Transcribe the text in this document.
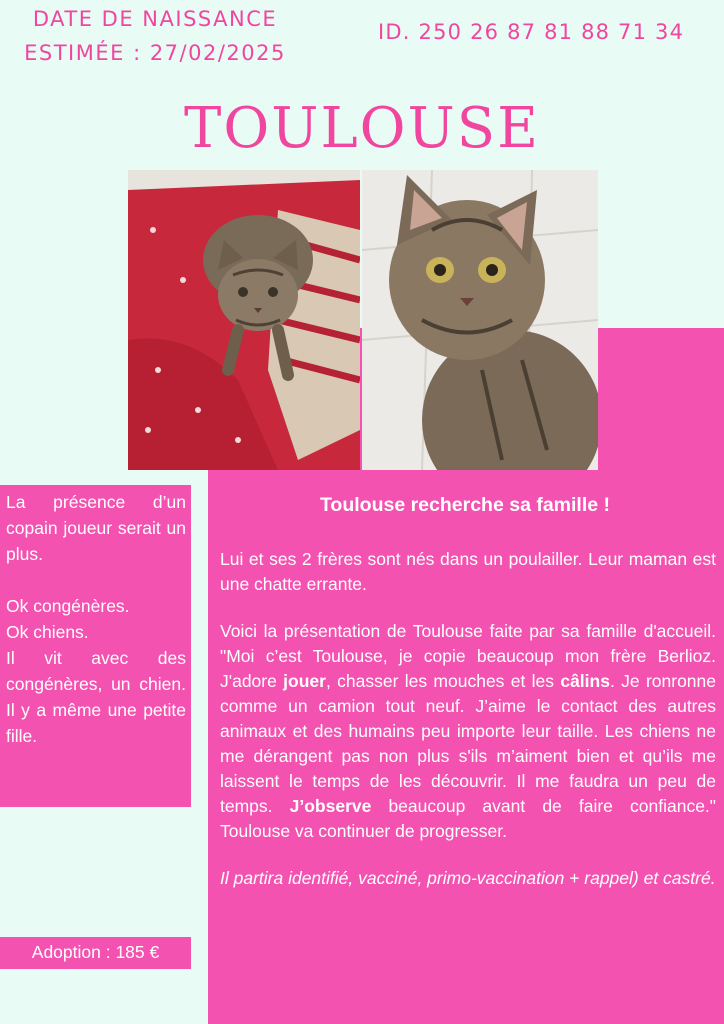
DATE DE NAISSANCE
ESTIMÉE : 27/02/2025
ID. 250 26 87 81 88 71 34
TOULOUSE

La présence d’un copain joueur serait un plus.

Ok congénères.

Ok chiens.

Il vit avec des congénères, un chien. Il y a même une petite fille.

Adoption : 185 €
Toulouse recherche sa famille !

Lui et ses 2 frères sont nés dans un poulailler. Leur maman est une chatte errante.

Voici la présentation de Toulouse faite par sa famille d'accueil. "Moi c’est Toulouse, je copie beaucoup mon frère Berlioz. J'adore jouer, chasser les mouches et les câlins. Je ronronne comme un camion tout neuf. J’aime le contact des autres animaux et des humains peu importe leur taille. Les chiens ne me dérangent pas non plus s'ils m’aiment bien et qu’ils me laissent le temps de les découvrir. Il me faudra un peu de temps. J’observe beaucoup avant de faire confiance." Toulouse va continuer de progresser.

Il partira identifié, vacciné, primo-vaccination + rappel) et castré.
